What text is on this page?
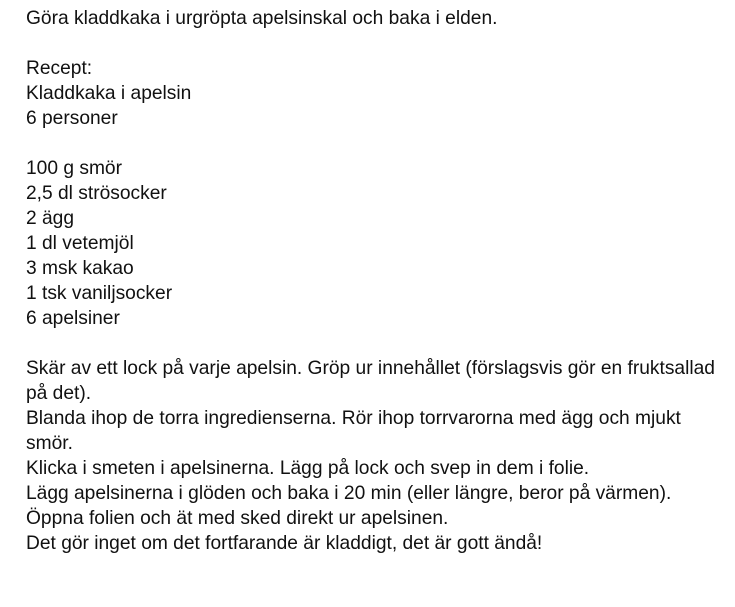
Göra kladdkaka i urgröpta apelsinskal och baka i elden.
Recept:
Kladdkaka i apelsin
6 personer
100 g smör
2,5 dl strösocker
2 ägg
1 dl vetemjöl
3 msk kakao
1 tsk vaniljsocker
6 apelsiner
Skär av ett lock på varje apelsin. Gröp ur innehållet (förslagsvis gör en fruktsallad på det).
Blanda ihop de torra ingredienserna. Rör ihop torrvarorna med ägg och mjukt smör.
Klicka i smeten i apelsinerna. Lägg på lock och svep in dem i folie.
Lägg apelsinerna i glöden och baka i 20 min (eller längre, beror på värmen).
Öppna folien och ät med sked direkt ur apelsinen.
Det gör inget om det fortfarande är kladdigt, det är gott ändå!
